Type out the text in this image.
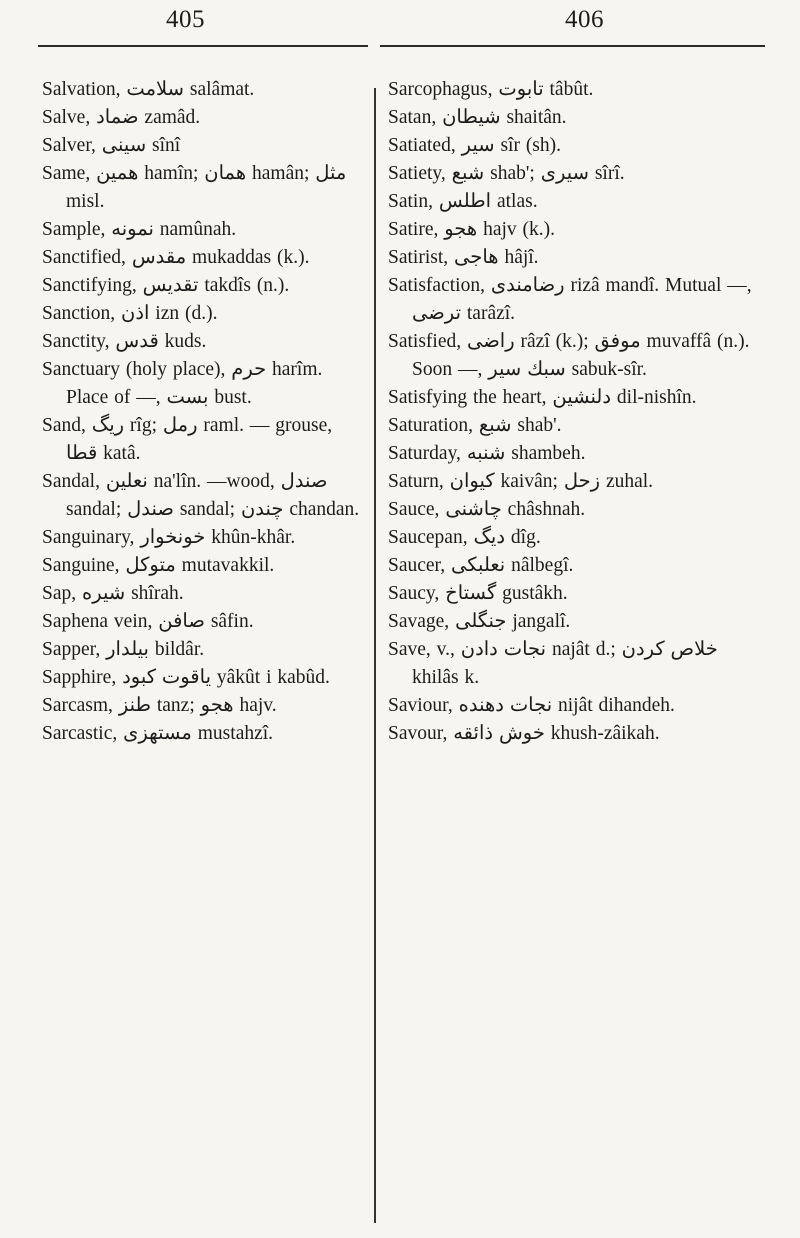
405	406
Salvation, سلامت salâmat.
Salve, ضماد zamâd.
Salver, سينى sînî
Same, همين hamîn; همان hamân; مثل misl.
Sample, نمونه namûnah.
Sanctified, مقدس mukaddas (k.).
Sanctifying, تقديس takdîs (n.).
Sanction, اذن izn (d.).
Sanctity, قدس kuds.
Sanctuary (holy place), حرم harîm. Place of —, بست bust.
Sand, ريگ rîg; رمل raml. — grouse, قطا katâ.
Sandal, نعلين na'lîn. —wood, صندل sandal; صندل sandal; چندن chandan.
Sanguinary, خونخوار khûn-khâr.
Sanguine, متوكل mutavakkil.
Sap, شيره shîrah.
Saphena vein, صافن sâfin.
Sapper, بيلدار bildâr.
Sapphire, ياقوت كبود yâkût i kabûd.
Sarcasm, طنز tanz; هجو hajv.
Sarcastic, مستهزى mustahzî.
Sarcophagus, تابوت tâbût.
Satan, شيطان shaitân.
Satiated, سير sîr (sh).
Satiety, شبع shab'; سيرى sîrî.
Satin, اطلس atlas.
Satire, هجو hajv (k.).
Satirist, هاجى hâjî.
Satisfaction, رضامندى rizâ mandî. Mutual —, ترضى tarâzî.
Satisfied, راضى râzî (k.); موفق muvaffâ (n.). Soon —, سبك سير sabuk-sîr.
Satisfying the heart, دلنشين dil-nishîn.
Saturation, شبع shab'.
Saturday, شنبه shambeh.
Saturn, كيوان kaivân; زحل zuhal.
Sauce, چاشنى châshnah.
Saucepan, ديگ dîg.
Saucer, نعلبكى nâlbegî.
Saucy, گستاخ gustâkh.
Savage, جنگلى jangalî.
Save, v., نجات دادن najât d.; خلاص كردن khilâs k.
Saviour, نجات دهنده nijât dihandeh.
Savour, خوش ذائقه khush-zâikah.
